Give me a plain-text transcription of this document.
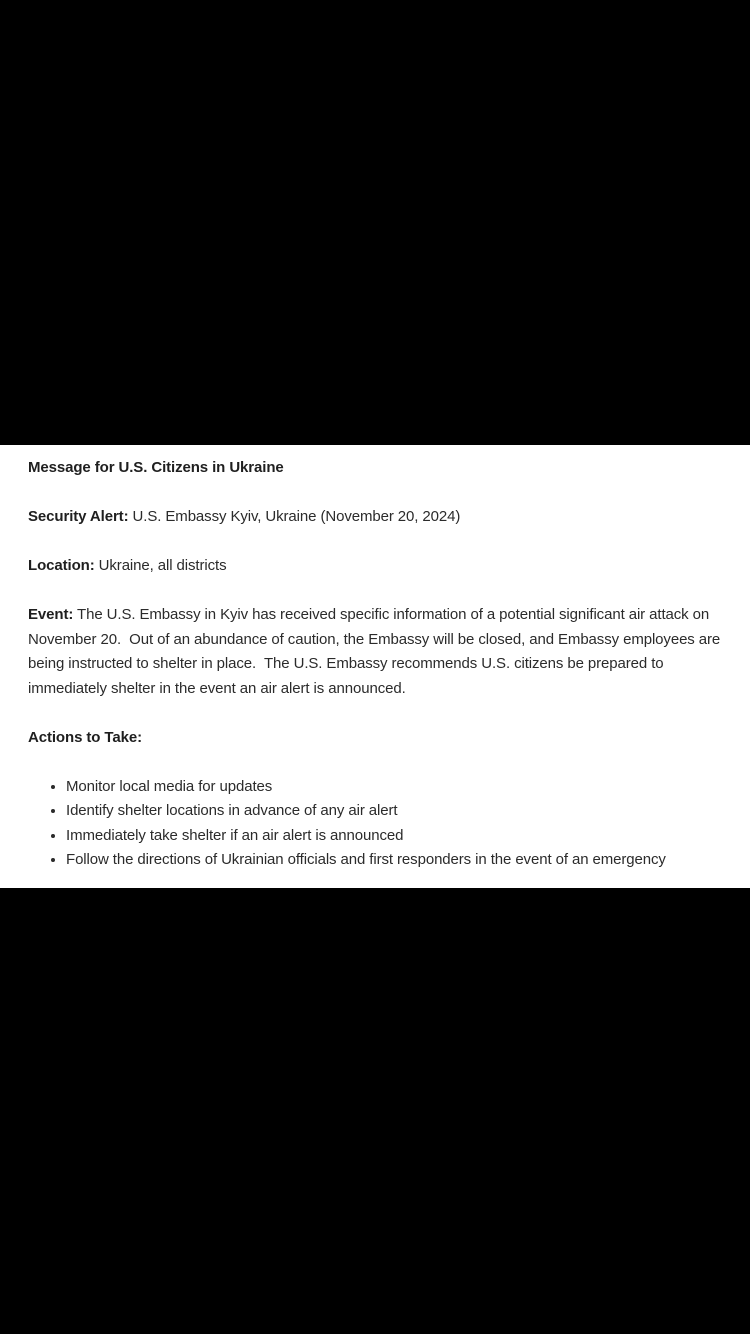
Message for U.S. Citizens in Ukraine

Security Alert: U.S. Embassy Kyiv, Ukraine (November 20, 2024)

Location: Ukraine, all districts

Event: The U.S. Embassy in Kyiv has received specific information of a potential significant air attack on November 20.  Out of an abundance of caution, the Embassy will be closed, and Embassy employees are being instructed to shelter in place.  The U.S. Embassy recommends U.S. citizens be prepared to immediately shelter in the event an air alert is announced.

Actions to Take:

• Monitor local media for updates
• Identify shelter locations in advance of any air alert
• Immediately take shelter if an air alert is announced
• Follow the directions of Ukrainian officials and first responders in the event of an emergency
